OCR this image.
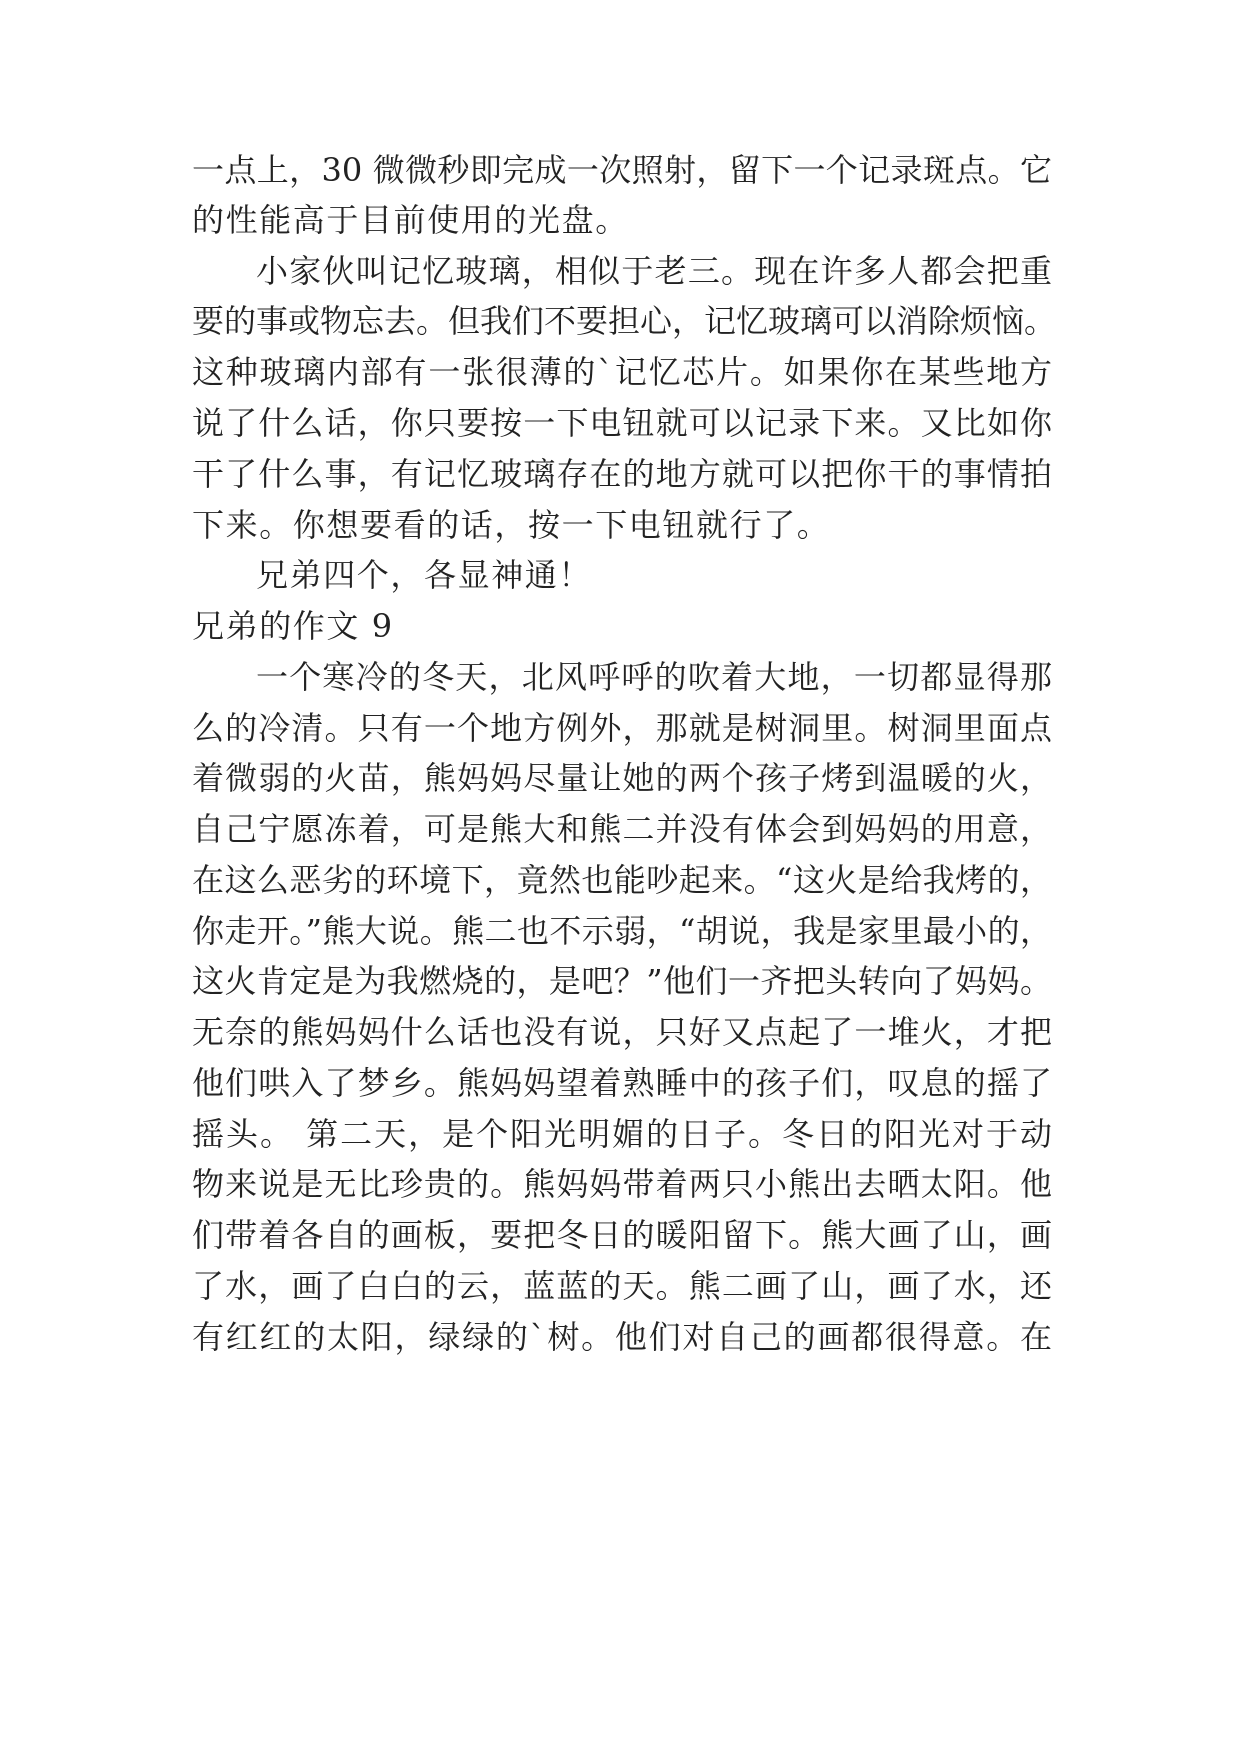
一点上，30 微微秒即完成一次照射，留下一个记录斑点。它
的性能高于目前使用的光盘。
小家伙叫记忆玻璃，相似于老三。现在许多人都会把重
要的事或物忘去。但我们不要担心，记忆玻璃可以消除烦恼。
这种玻璃内部有一张很薄的`记忆芯片。如果你在某些地方
说了什么话，你只要按一下电钮就可以记录下来。又比如你
干了什么事，有记忆玻璃存在的地方就可以把你干的事情拍
下来。你想要看的话，按一下电钮就行了。
兄弟四个，各显神通！
兄弟的作文 9
一个寒冷的冬天，北风呼呼的吹着大地，一切都显得那
么的冷清。只有一个地方例外，那就是树洞里。树洞里面点
着微弱的火苗，熊妈妈尽量让她的两个孩子烤到温暖的火，
自己宁愿冻着，可是熊大和熊二并没有体会到妈妈的用意，
在这么恶劣的环境下，竟然也能吵起来。“这火是给我烤的，
你走开。”熊大说。熊二也不示弱，“胡说，我是家里最小的，
这火肯定是为我燃烧的，是吧？”他们一齐把头转向了妈妈。
无奈的熊妈妈什么话也没有说，只好又点起了一堆火，才把
他们哄入了梦乡。熊妈妈望着熟睡中的孩子们，叹息的摇了
摇头。 第二天，是个阳光明媚的日子。冬日的阳光对于动
物来说是无比珍贵的。熊妈妈带着两只小熊出去晒太阳。他
们带着各自的画板，要把冬日的暖阳留下。熊大画了山，画
了水，画了白白的云，蓝蓝的天。熊二画了山，画了水，还
有红红的太阳，绿绿的`树。他们对自己的画都很得意。在
